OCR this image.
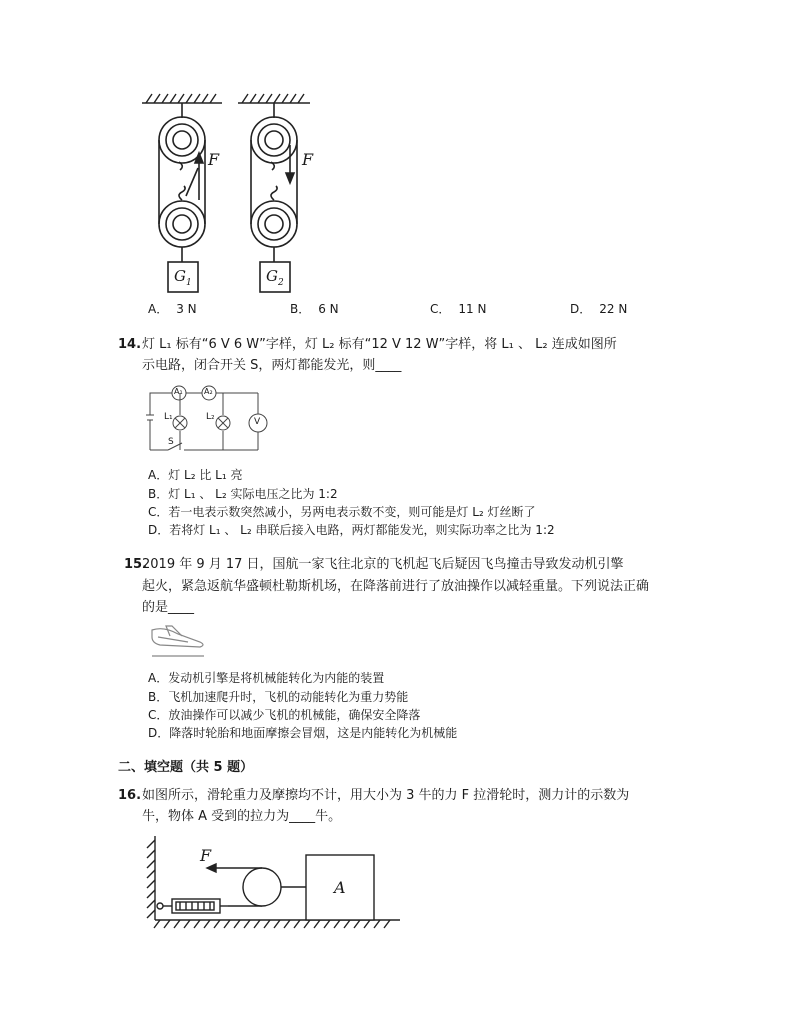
F	F
$G_1$	$G_2$
A． 3 N	B． 6 N	C． 11 N	D． 22 N
14. 灯 L₁ 标有“6 V 6 W”字样，灯 L₂ 标有“12 V 12 W”字样，将 L₁ 、 L₂ 连成如图所
示电路，闭合开关 S，两灯都能发光，则____
A₁	A₂
L₁	L₂	V
S
A．灯 L₂ 比 L₁ 亮
B．灯 L₁ 、 L₂ 实际电压之比为 1:2
C．若一电表示数突然减小，另两电表示数不变，则可能是灯 L₂ 灯丝断了
D．若将灯 L₁ 、 L₂ 串联后接入电路，两灯都能发光，则实际功率之比为 1:2
15.
2019 年 9 月 17 日，国航一家飞往北京的飞机起飞后疑因飞鸟撞击导致发动机引擎
起火，紧急返航华盛顿杜勒斯机场，在降落前进行了放油操作以减轻重量。下列说法正确
的是____
A．发动机引擎是将机械能转化为内能的装置
B．飞机加速爬升时，飞机的动能转化为重力势能
C．放油操作可以减少飞机的机械能，确保安全降落
D．降落时轮胎和地面摩擦会冒烟，这是内能转化为机械能
二、填空题（共 5 题）
16. 如图所示，滑轮重力及摩擦均不计，用大小为 3 牛的力 F 拉滑轮时，测力计的示数为
牛，物体 A 受到的拉力为____牛。
F
A
